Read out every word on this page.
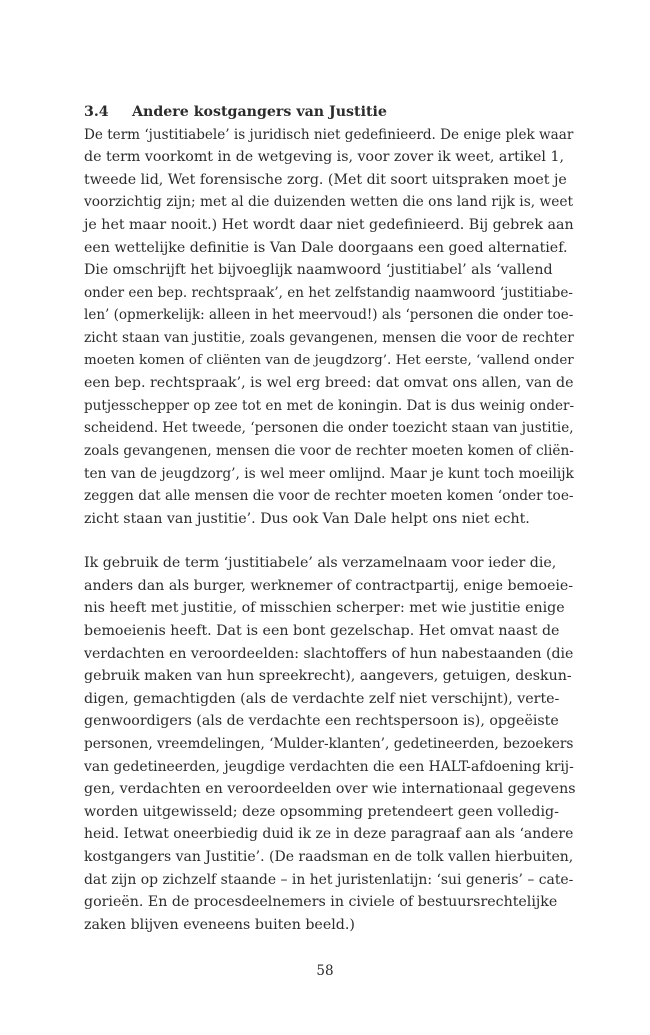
3.4 Andere kostgangers van Justitie

De term ‘justitiabele’ is juridisch niet gedefinieerd. De enige plek waar

de term voorkomt in de wetgeving is, voor zover ik weet, artikel 1,

tweede lid, Wet forensische zorg. (Met dit soort uitspraken moet je

voorzichtig zijn; met al die duizenden wetten die ons land rijk is, weet

je het maar nooit.) Het wordt daar niet gedefinieerd. Bij gebrek aan

een wettelijke definitie is Van Dale doorgaans een goed alternatief.

Die omschrijft het bijvoeglijk naamwoord ‘justitiabel’ als ‘vallend

onder een bep. rechtspraak’, en het zelfstandig naamwoord ‘justitiabe-

len’ (opmerkelijk: alleen in het meervoud!) als ‘personen die onder toe-

zicht staan van justitie, zoals gevangenen, mensen die voor de rechter

moeten komen of cliënten van de jeugdzorg’. Het eerste, ‘vallend onder

een bep. rechtspraak’, is wel erg breed: dat omvat ons allen, van de

putjesschepper op zee tot en met de koningin. Dat is dus weinig onder-

scheidend. Het tweede, ‘personen die onder toezicht staan van justitie,

zoals gevangenen, mensen die voor de rechter moeten komen of cliën-

ten van de jeugdzorg’, is wel meer omlijnd. Maar je kunt toch moeilijk

zeggen dat alle mensen die voor de rechter moeten komen ‘onder toe-

zicht staan van justitie’. Dus ook Van Dale helpt ons niet echt.

Ik gebruik de term ‘justitiabele’ als verzamelnaam voor ieder die,

anders dan als burger, werknemer of contractpartij, enige bemoeie-

nis heeft met justitie, of misschien scherper: met wie justitie enige

bemoeienis heeft. Dat is een bont gezelschap. Het omvat naast de

verdachten en veroordeelden: slachtoffers of hun nabestaanden (die

gebruik maken van hun spreekrecht), aangevers, getuigen, deskun-

digen, gemachtigden (als de verdachte zelf niet verschijnt), verte-

genwoordigers (als de verdachte een rechtspersoon is), opgeëiste

personen, vreemdelingen, ‘Mulder-klanten’, gedetineerden, bezoekers

van gedetineerden, jeugdige verdachten die een HALT-afdoening krij-

gen, verdachten en veroordeelden over wie internationaal gegevens

worden uitgewisseld; deze opsomming pretendeert geen volledig-

heid. Ietwat oneerbiedig duid ik ze in deze paragraaf aan als ‘andere

kostgangers van Justitie’. (De raadsman en de tolk vallen hierbuiten,

dat zijn op zichzelf staande – in het juristenlatijn: ‘sui generis’ – cate-

gorieën. En de procesdeelnemers in civiele of bestuursrechtelijke

zaken blijven eveneens buiten beeld.)

58
